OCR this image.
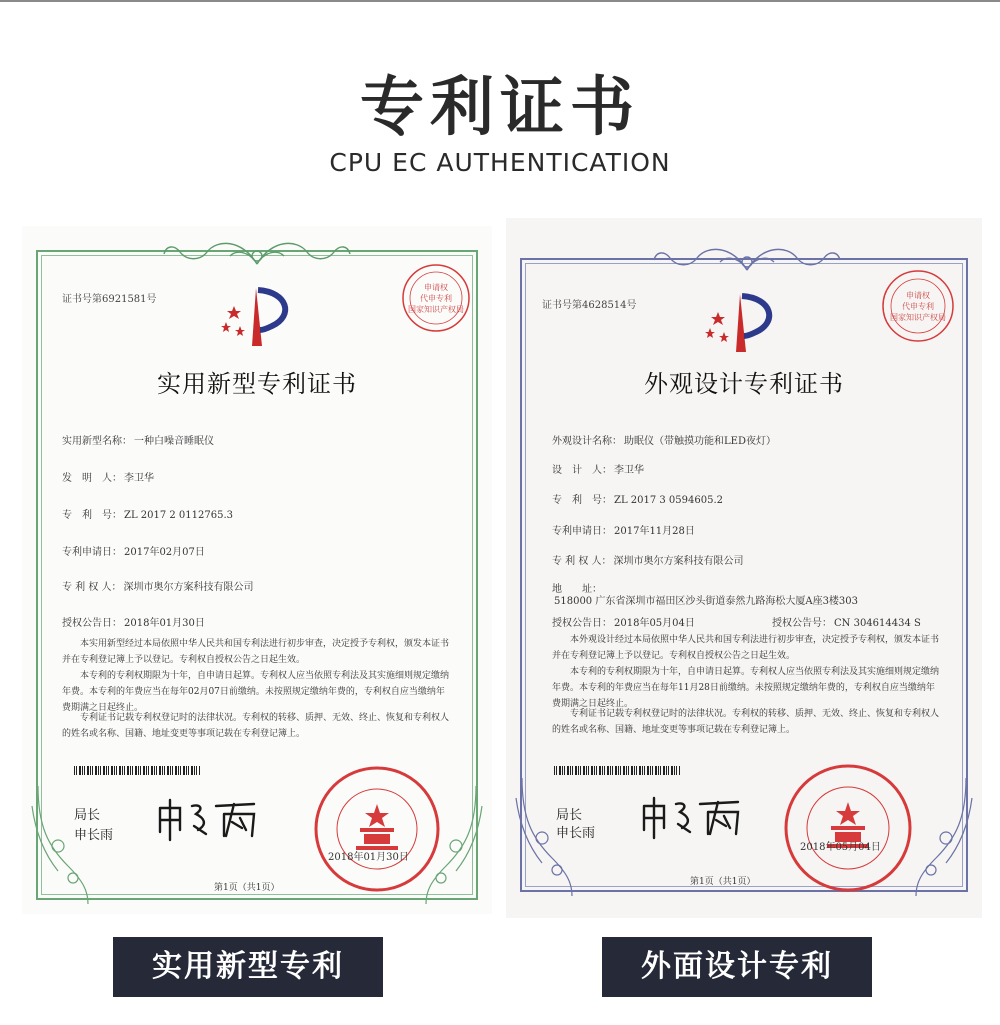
专利证书
CPU EC AUTHENTICATION
证书号第6921581号
申请权
代申专利
国家知识产权局
实用新型专利证书
实用新型名称： 一种白噪音睡眠仪
发　明　人： 李卫华
专　利　号： ZL 2017 2 0112765.3
专利申请日： 2017年02月07日
专 利 权 人： 深圳市奥尔方案科技有限公司
授权公告日： 2018年01月30日
本实用新型经过本局依照中华人民共和国专利法进行初步审查，决定授予专利权，颁发本证书并在专利登记簿上予以登记。专利权自授权公告之日起生效。
本专利的专利权期限为十年，自申请日起算。专利权人应当依照专利法及其实施细则规定缴纳年费。本专利的年费应当在每年02月07日前缴纳。未按照规定缴纳年费的，专利权自应当缴纳年费期满之日起终止。
专利证书记载专利权登记时的法律状况。专利权的转移、质押、无效、终止、恢复和专利权人的姓名或名称、国籍、地址变更等事项记载在专利登记簿上。
局长
申长雨
2018年01月30日
第1页（共1页）
证书号第4628514号
申请权
代申专利
国家知识产权局
外观设计专利证书
外观设计名称： 助眠仪（带触摸功能和LED夜灯）
设　计　人： 李卫华
专　利　号： ZL 2017 3 0594605.2
专利申请日： 2017年11月28日
专 利 权 人： 深圳市奥尔方案科技有限公司
地　　址：518000 广东省深圳市福田区沙头街道泰然九路海松大厦A座3楼303
授权公告日： 2018年05月04日	授权公告号： CN 304614434 S
本外观设计经过本局依照中华人民共和国专利法进行初步审查，决定授予专利权，颁发本证书并在专利登记簿上予以登记。专利权自授权公告之日起生效。
本专利的专利权期限为十年，自申请日起算。专利权人应当依照专利法及其实施细则规定缴纳年费。本专利的年费应当在每年11月28日前缴纳。未按照规定缴纳年费的，专利权自应当缴纳年费期满之日起终止。
专利证书记载专利权登记时的法律状况。专利权的转移、质押、无效、终止、恢复和专利权人的姓名或名称、国籍、地址变更等事项记载在专利登记簿上。
局长
申长雨
2018年05月04日
第1页（共1页）
实用新型专利	外面设计专利
